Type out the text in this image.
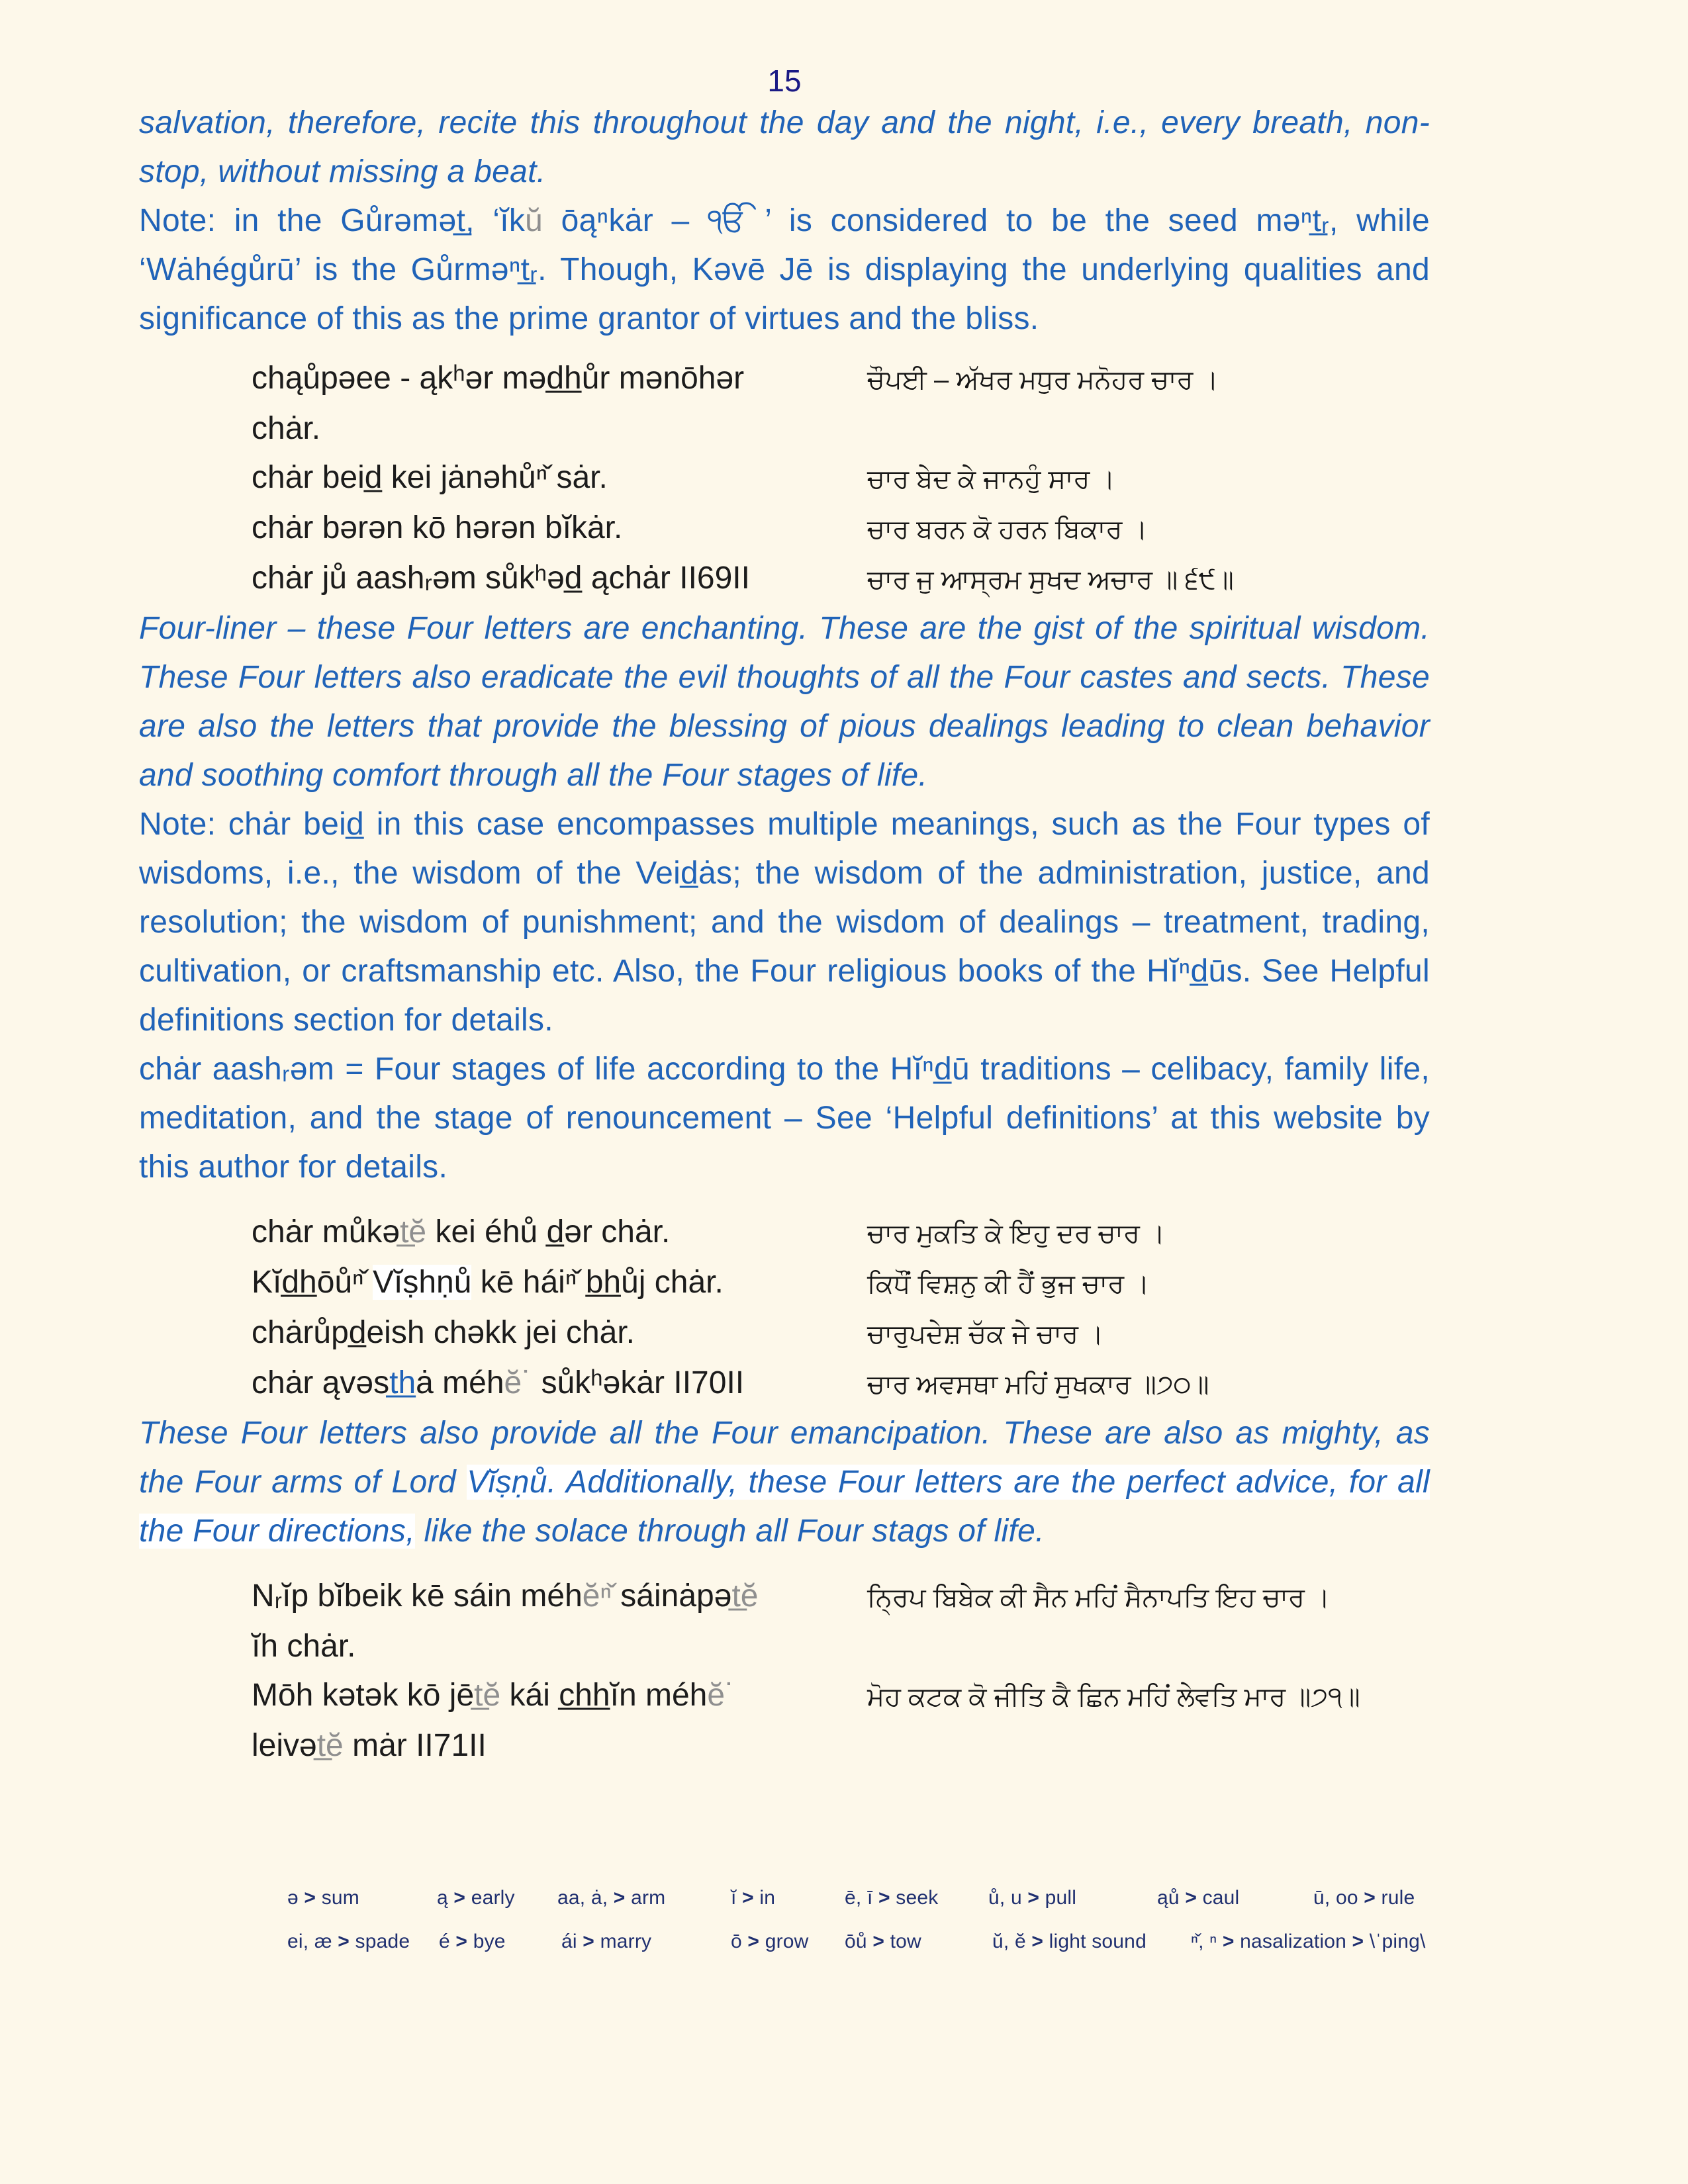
15

salvation, therefore, recite this throughout the day and the night, i.e., every breath, non-stop, without missing a beat.

Note: in the Gůrəmət̲, ‘ĭkŭ ōąⁿkȧr – ੴ ’ is considered to be the seed məⁿt̲ᵣ, while ‘Wȧhégůrū’ is the Gůrməⁿt̲ᵣ. Though, Kəvē Jē is displaying the underlying qualities and significance of this as the prime grantor of virtues and the bliss.

chąůpəee - ąkʰər məd̲h̲ůr mənōhər	ਚੌਪਈ – ਅੱਖਰ ਮਧੁਰ ਮਨੋਹਰ ਚਾਰ ।
chȧr.
chȧr beid̲ kei jȧnəhůⁿ̌ sȧr.	ਚਾਰ ਬੇਦ ਕੇ ਜਾਨਹੁੰ ਸਾਰ ।
chȧr bərən kō hərən bĭkȧr.	ਚਾਰ ਬਰਨ ਕੋ ਹਰਨ ਬਿਕਾਰ ।
chȧr jů aashᵣəm sůkʰəd̲ ąchȧr II69II	ਚਾਰ ਜੁ ਆਸ੍ਰਮ ਸੁਖਦ ਅਚਾਰ ॥ ੬੯॥

Four-liner – these Four letters are enchanting. These are the gist of the spiritual wisdom. These Four letters also eradicate the evil thoughts of all the Four castes and sects. These are also the letters that provide the blessing of pious dealings leading to clean behavior and soothing comfort through all the Four stages of life.

Note: chȧr beid̲ in this case encompasses multiple meanings, such as the Four types of wisdoms, i.e., the wisdom of the Veid̲ȧs; the wisdom of the administration, justice, and resolution; the wisdom of punishment; and the wisdom of dealings – treatment, trading, cultivation, or craftsmanship etc. Also, the Four religious books of the Hĭⁿd̲ūs. See Helpful definitions section for details.

chȧr aashᵣəm = Four stages of life according to the Hĭⁿd̲ū traditions – celibacy, family life, meditation, and the stage of renouncement – See ‘Helpful definitions’ at this website by this author for details.

chȧr můkət̲ĕ kei éhů d̲ər chȧr.	ਚਾਰ ਮੁਕਤਿ ਕੇ ਇਹੁ ਦਰ ਚਾਰ ।
Kĭd̲h̲ōůⁿ̌ Vĭṣhṇů kē háiⁿ̌ b̲h̲ůj chȧr.	ਕਿਧੌਂ ਵਿਸ਼ਨੁ ਕੀ ਹੈਂ ਭੁਜ ਚਾਰ ।
chȧrůpd̲eish chəkk jei chȧr.	ਚਾਰੁਪਦੇਸ਼ ਚੱਕ ਜੇ ਚਾਰ ।
chȧr ąvəst̲h̲ȧ méhĕ˙ sůkʰəkȧr II70II	ਚਾਰ ਅਵਸਥਾ ਮਹਿਂ ਸੁਖਕਾਰ ॥੭੦॥

These Four letters also provide all the Four emancipation. These are also as mighty, as the Four arms of Lord Vĭṣṇů. Additionally, these Four letters are the perfect advice, for all the Four directions, like the solace through all Four stags of life.

Nᵣĭp bĭbeik kē sáin méhĕⁿ̌ sáinȧpət̲ĕ	ਨ੍ਰਿਪ ਬਿਬੇਕ ਕੀ ਸੈਨ ਮਹਿਂ ਸੈਨਾਪਤਿ ਇਹ ਚਾਰ ।
ĭh chȧr.
Mōh kətək kō jēt̲ĕ kái c̲h̲h̲ĭn méhĕ˙	ਮੋਹ ਕਟਕ ਕੋ ਜੀਤਿ ਕੈ ਛਿਨ ਮਹਿਂ ਲੇਵਤਿ ਮਾਰ ॥੭੧॥
leivət̲ĕ mȧr II71II
ə > sum	ą > early	aa, ȧ, > arm	ĭ > in	ē, ī > seek	ů, u > pull	ąů > caul	ū, oo > rule
ei, æ > spade	é > bye	ái > marry	ō > grow	ōů > tow	ŭ, ĕ > light sound	ⁿ̌, ⁿ > nasalization > \ˈping\
